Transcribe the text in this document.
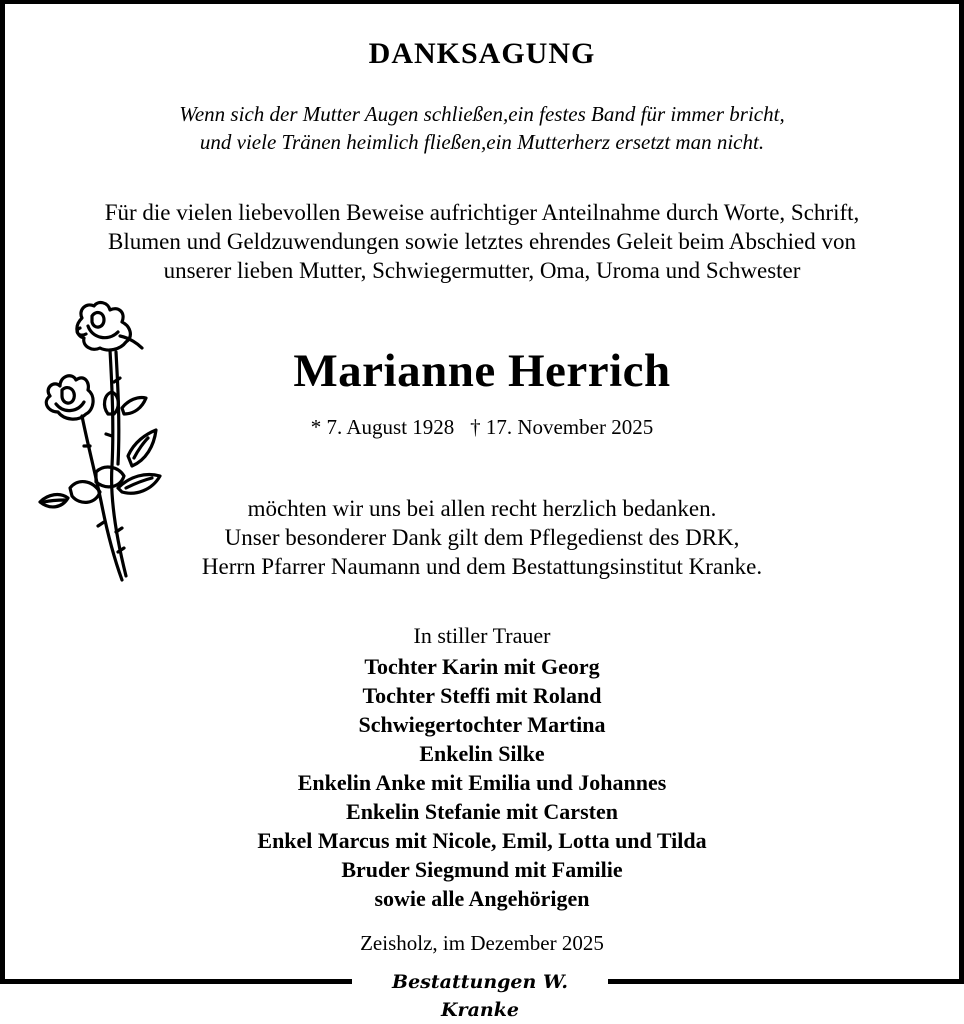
DANKSAGUNG
Wenn sich der Mutter Augen schließen,ein festes Band für immer bricht,
und viele Tränen heimlich fließen,ein Mutterherz ersetzt man nicht.
Für die vielen liebevollen Beweise aufrichtiger Anteilnahme durch Worte, Schrift,
Blumen und Geldzuwendungen sowie letztes ehrendes Geleit beim Abschied von
unserer lieben Mutter, Schwiegermutter, Oma, Uroma und Schwester
Marianne Herrich
* 7. August 1928 † 17. November 2025
möchten wir uns bei allen recht herzlich bedanken.
Unser besonderer Dank gilt dem Pflegedienst des DRK,
Herrn Pfarrer Naumann und dem Bestattungsinstitut Kranke.
In stiller Trauer
Tochter Karin mit Georg
Tochter Steffi mit Roland
Schwiegertochter Martina
Enkelin Silke
Enkelin Anke mit Emilia und Johannes
Enkelin Stefanie mit Carsten
Enkel Marcus mit Nicole, Emil, Lotta und Tilda
Bruder Siegmund mit Familie
sowie alle Angehörigen
Zeisholz, im Dezember 2025
Bestattungen W. Kranke
